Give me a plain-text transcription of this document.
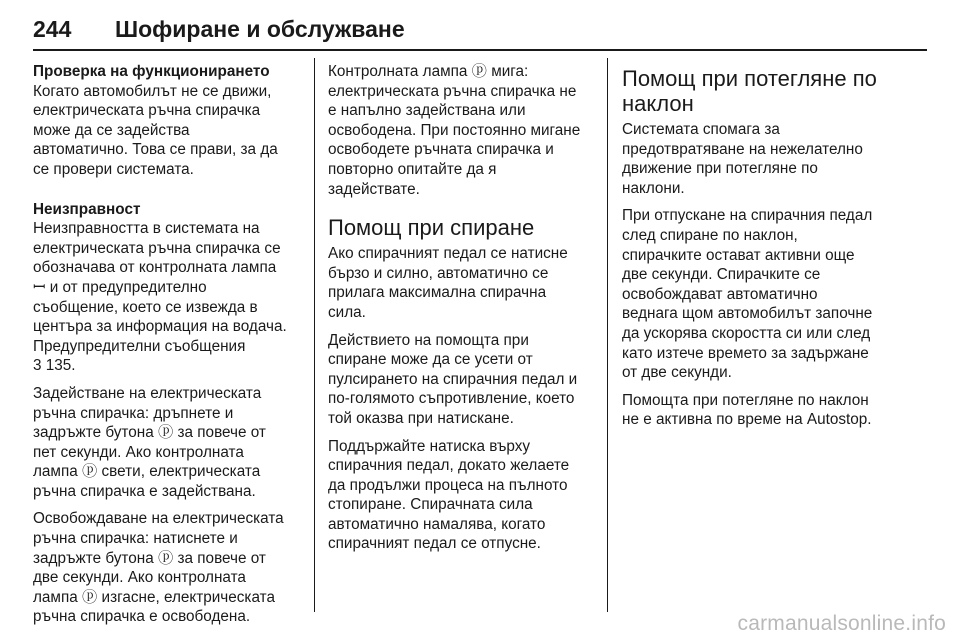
244 Шофиране и обслужване
Проверка на функционирането

Когато автомобилът не се движи,
електрическата ръчна спирачка
може да се задейства
автоматично. Това се прави, за да
се провери системата.

Неизправност

Неизправността в системата на
електрическата ръчна спирачка се
обозначава от контролната лампа
ꟷ и от предупредително
съобщение, което се извежда в
центъра за информация на водача.
Предупредителни съобщения

3 135.

Задействане на електрическата
ръчна спирачка: дръпнете и
задръжте бутона ⓟ за повече от
пет секунди. Ако контролната
лампа ⓟ свети, електрическата
ръчна спирачка е задействана.

Освобождаване на електрическата
ръчна спирачка: натиснете и
задръжте бутона ⓟ за повече от
две секунди. Ако контролната
лампа ⓟ изгасне, електрическата
ръчна спирачка е освободена.

Контролната лампа ⓟ мига:
електрическата ръчна спирачка не
е напълно задействана или
освободена. При постоянно мигане
освободете ръчната спирачка и
повторно опитайте да я
задействате.

Помощ при спиране

Ако спирачният педал се натисне
бързо и силно, автоматично се
прилага максимална спирачна
сила.

Действието на помощта при
спиране може да се усети от
пулсирането на спирачния педал и
по-голямото съпротивление, което
той оказва при натискане.

Поддържайте натиска върху
спирачния педал, докато желаете
да продължи процеса на пълното
стопиране. Спирачната сила
автоматично намалява, когато
спирачният педал се отпусне.

Помощ при потегляне по
наклон

Системата спомага за
предотвратяване на нежелателно
движение при потегляне по
наклони.

При отпускане на спирачния педал
след спиране по наклон,
спирачките остават активни още
две секунди. Спирачките се
освобождават автоматично
веднага щом автомобилът започне
да ускорява скоростта си или след
като изтече времето за задържане
от две секунди.

Помощта при потегляне по наклон
не е активна по време на Autostop.

carmanualsonline.info
